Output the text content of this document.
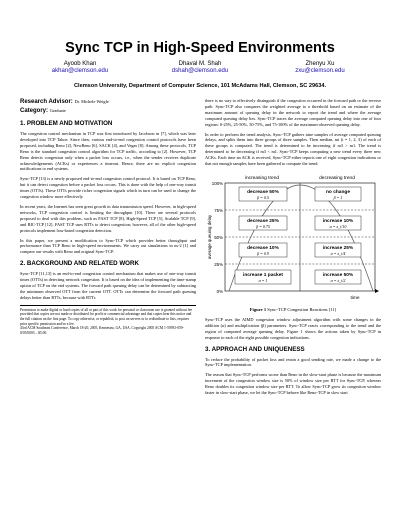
Sync TCP in High-Speed Environments
Ayoob Khan
akhan@clemson.edu
Dhaval M. Shah
dshah@clemson.edu
Zhenyu Xu
zxu@clemson.edu
Clemson University, Department of Computer Science, 101 McAdams Hall, Clemson, SC 29634.
Research Advisor: Dr. Michele Weigle
Category: Graduate
1. PROBLEM AND MOTIVATION

The congestion control mechanism in TCP was first introduced by Jacobson in [7], which was later developed into TCP Tahoe. Since then, various end-to-end congestion control protocols have been proposed, including Reno [2], NewReno [6], SACK [4], and Vegas [8]. Among these protocols, TCP Reno is the standard congestion control algorithm for TCP traffic, according to [2]. However, TCP Reno detects congestion only when a packet loss occurs, i.e., when the sender receives duplicate acknowledgements (ACKs) or experiences a timeout. Hence, there are no explicit congestion notifications to end systems.

Sync-TCP [13] is a newly proposed end-to-end congestion control protocol. It is based on TCP Reno, but it can detect congestion before a packet loss occurs. This is done with the help of one-way transit times (OTTs). These OTTs provide richer congestion signals which in turn can be used to change the congestion window more effectively.

In recent years, the Internet has seen great growth in data transmission speed. However, in high-speed networks, TCP congestion control is limiting the throughput [10]. There are several protocols proposed to deal with this problem, such as FAST TCP [8], High-Speed TCP [5], Scalable TCP [9], and BIC-TCP [12]. FAST TCP uses RTTs to detect congestion; however, all of the other high-speed protocols implement loss-based congestion detection.

In this paper, we present a modification to Sync-TCP which provides better throughput and performance than TCP Reno in high-speed environments. We carry out simulations in ns-2 [1] and compare our results with Reno and original Sync-TCP.

2. BACKGROUND AND RELATED WORK

Sync-TCP [11,13] is an end-to-end congestion control mechanism that makes use of one-way transit times (OTTs) in detecting network congestion. It is based on the idea of implementing the time-stamp option of TCP on the end systems. The forward path queuing delay can be determined by subtracting the minimum observed OTT from the current OTT. OTTs can determine the forward path queuing delays better than RTTs, because with RTTs

Permission to make digital or hard copies of all or part of this work for personal or classroom use is granted without fee provided that copies are not made or distributed for profit or commercial advantage and that copies bear this notice and the full citation on the first page. To copy otherwise, or republish, to post on servers or to redistribute to lists, requires prior specific permission and/or a fee.
43rd ACM Southeast Conference, March 18-20, 2005, Kennesaw, GA, USA. Copyright 2005 ACM 1-59593-059-0/05/0003 ...$5.00.

there is no way to effectively distinguish if the congestion occurred in the forward path or the reverse path. Sync-TCP also compares the weighted average to a threshold based on an estimate of the maximum amount of queuing delay in the network to report the trend and where the average computed queuing delay lies. Sync-TCP traces the average computed queuing delay into one of four regions: 0-25%, 25-50%, 50-75%, and 75-100% of the maximum-observed queuing delay.

In order to perform the trend analysis, Sync-TCP gathers nine samples of average computed queuing delays, and splits them into three groups of three samples. Then median, mi (i = 1, 2, 3) of each of these groups is computed. The trend is determined to be increasing if m3 > m1. The trend is determined to be decreasing if m3 < m1. Sync-TCP keeps computing a new trend every three new ACKs. Each time an ACK is received, Sync-TCP either reports one of eight congestion indications or that not enough samples have been gathered to compute the trend.

100%
75%
50%
25%
0%
average queuing delay
increasing trend	decreasing trend
time
decrease 50%
β = 0.5
decrease 25%
β = 0.75
decrease 10%
β = 0.9
increase 1 packet
α = 1
no change
β = 1
increase 10%
α = x_i/10
increase 25%
α = x_i/4
increase 50%
α = x_i/2
Figure 1 Sync-TCP Congestion Reactions [11]

Sync-TCP uses the AIMD congestion window adjustment algorithm with some changes in the addition (α) and multiplication (β) parameters. Sync-TCP reacts corresponding to the trend and the region of computed average queuing delay. Figure 1 shows the actions taken by Sync-TCP in response to each of the eight possible congestion indications.

3. APPROACH AND UNIQUENESS

To reduce the probability of packet loss and retain a good sending rate, we made a change to the Sync-TCP implementation.

The reason that Sync-TCP performs worse than Reno in the slow-start phase is because the maximum increment of the congestion window size is 50% of window size per RTT for Sync-TCP, whereas Reno doubles its congestion window size per RTT. To allow Sync-TCP grow its congestion window faster in slow-start phase, we let the Sync-TCP behave like Reno-TCP in slow start
